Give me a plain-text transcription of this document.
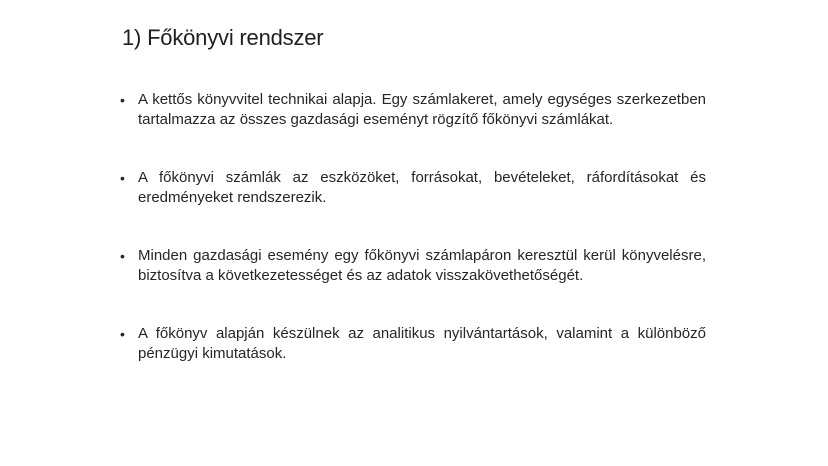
1) Főkönyvi rendszer
• A kettős könyvvitel technikai alapja. Egy számlakeret, amely egységes szerkezetben tartalmazza az összes gazdasági eseményt rögzítő főkönyvi számlákat.
• A főkönyvi számlák az eszközöket, forrásokat, bevételeket, ráfordításokat és eredményeket rendszerezik.
• Minden gazdasági esemény egy főkönyvi számlapáron keresztül kerül könyvelésre, biztosítva a következetességet és az adatok visszakövethetőségét.
• A főkönyv alapján készülnek az analitikus nyilvántartások, valamint a különböző pénzügyi kimutatások.
